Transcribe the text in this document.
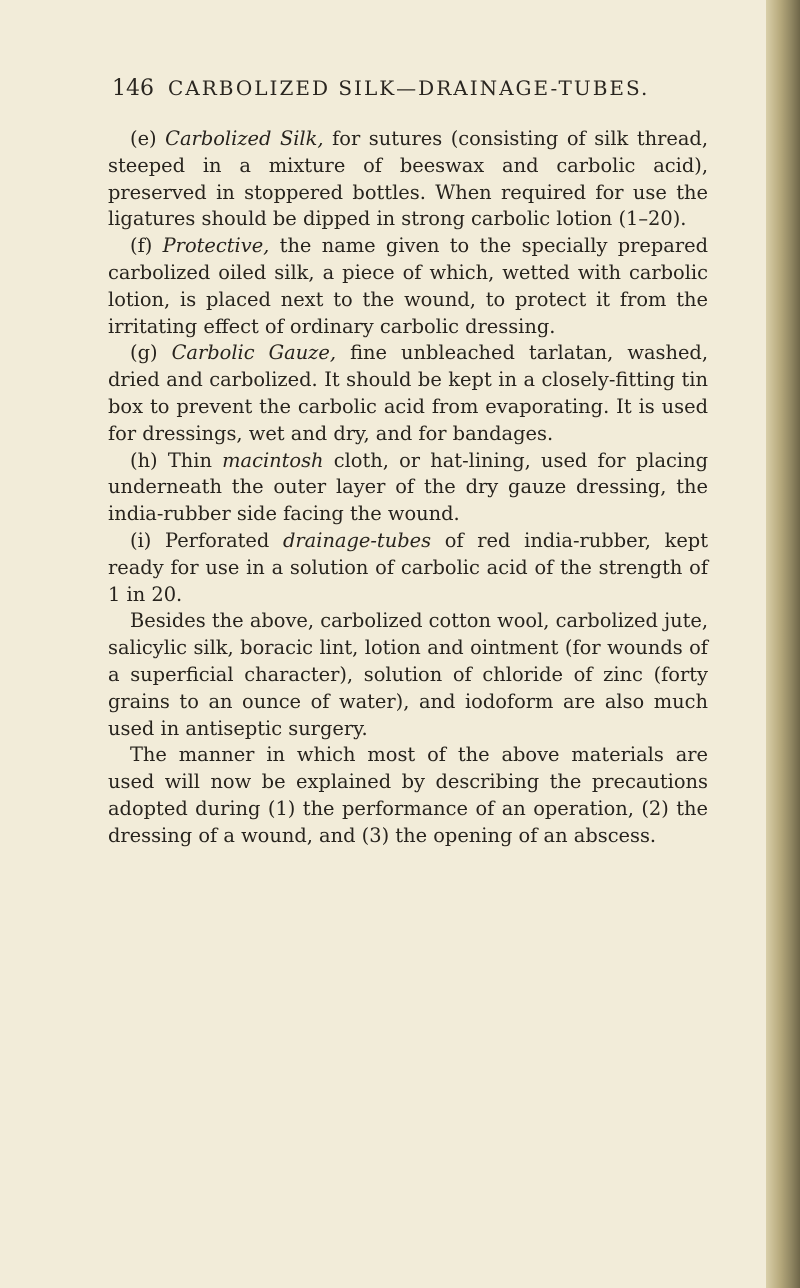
146 CARBOLIZED SILK—DRAINAGE-TUBES.

(e) Carbolized Silk, for sutures (consisting of silk thread, steeped in a mixture of beeswax and carbolic acid), preserved in stoppered bottles. When required for use the ligatures should be dipped in strong carbolic lotion (1–20).

(f) Protective, the name given to the specially prepared carbolized oiled silk, a piece of which, wetted with carbolic lotion, is placed next to the wound, to protect it from the irritating effect of ordinary carbolic dressing.

(g) Carbolic Gauze, fine unbleached tarlatan, washed, dried and carbolized. It should be kept in a closely-fitting tin box to prevent the carbolic acid from evaporating. It is used for dressings, wet and dry, and for bandages.

(h) Thin macintosh cloth, or hat-lining, used for placing underneath the outer layer of the dry gauze dressing, the india-rubber side facing the wound.

(i) Perforated drainage-tubes of red india-rubber, kept ready for use in a solution of carbolic acid of the strength of 1 in 20.

Besides the above, carbolized cotton wool, carbolized jute, salicylic silk, boracic lint, lotion and ointment (for wounds of a superficial character), solution of chloride of zinc (forty grains to an ounce of water), and iodoform are also much used in antiseptic surgery.

The manner in which most of the above materials are used will now be explained by describing the precautions adopted during (1) the performance of an operation, (2) the dressing of a wound, and (3) the opening of an abscess.
